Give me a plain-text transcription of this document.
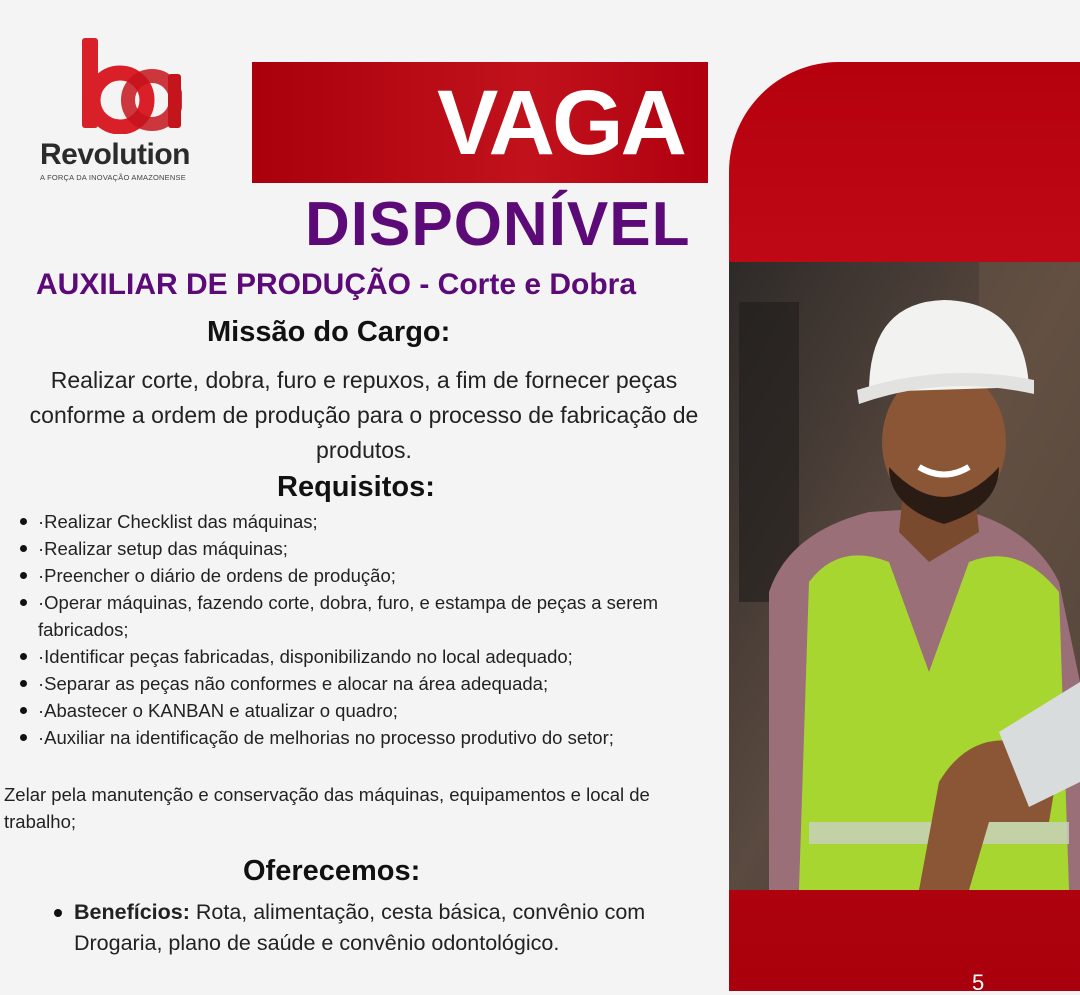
Revolution
A FORÇA DA INOVAÇÃO AMAZONENSE
VAGA
DISPONÍVEL
AUXILIAR DE PRODUÇÃO - Corte e Dobra
Missão do Cargo:
Realizar corte, dobra, furo e repuxos, a fim de fornecer peças conforme a ordem de produção para o processo de fabricação de produtos.
Requisitos:
·Realizar Checklist das máquinas;
·Realizar setup das máquinas;
·Preencher o diário de ordens de produção;
·Operar máquinas, fazendo corte, dobra, furo, e estampa de peças a serem fabricados;
·Identificar peças fabricadas, disponibilizando no local adequado;
·Separar as peças não conformes e alocar na área adequada;
·Abastecer o KANBAN e atualizar o quadro;
·Auxiliar na identificação de melhorias no processo produtivo do setor;
Zelar pela manutenção e conservação das máquinas, equipamentos e local de trabalho;
Oferecemos:
Benefícios: Rota, alimentação, cesta básica, convênio com Drogaria, plano de saúde e convênio odontológico.
5
